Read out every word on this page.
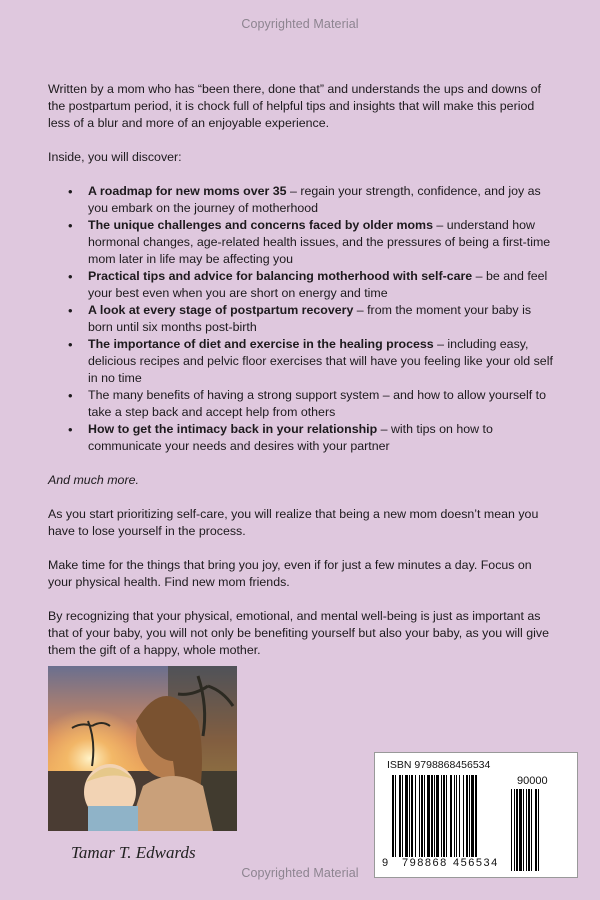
Copyrighted Material

Written by a mom who has “been there, done that” and understands the ups and downs of the postpartum period, it is chock full of helpful tips and insights that will make this period less of a blur and more of an enjoyable experience.

Inside, you will discover:

• A roadmap for new moms over 35 – regain your strength, confidence, and joy as you embark on the journey of motherhood
• The unique challenges and concerns faced by older moms – understand how hormonal changes, age-related health issues, and the pressures of being a first-time mom later in life may be affecting you
• Practical tips and advice for balancing motherhood with self-care – be and feel your best even when you are short on energy and time
• A look at every stage of postpartum recovery – from the moment your baby is born until six months post-birth
• The importance of diet and exercise in the healing process – including easy, delicious recipes and pelvic floor exercises that will have you feeling like your old self in no time
• The many benefits of having a strong support system – and how to allow yourself to take a step back and accept help from others
• How to get the intimacy back in your relationship – with tips on how to communicate your needs and desires with your partner

And much more.

As you start prioritizing self-care, you will realize that being a new mom doesn’t mean you have to lose yourself in the process.

Make time for the things that bring you joy, even if for just a few minutes a day. Focus on your physical health. Find new mom friends.

By recognizing that your physical, emotional, and mental well-being is just as important as that of your baby, you will not only be benefiting yourself but also your baby, as you will give them the gift of a happy, whole mother.

Tamar T. Edwards
ISBN 9798868456534
90000
9 798868 456534
Copyrighted Material
